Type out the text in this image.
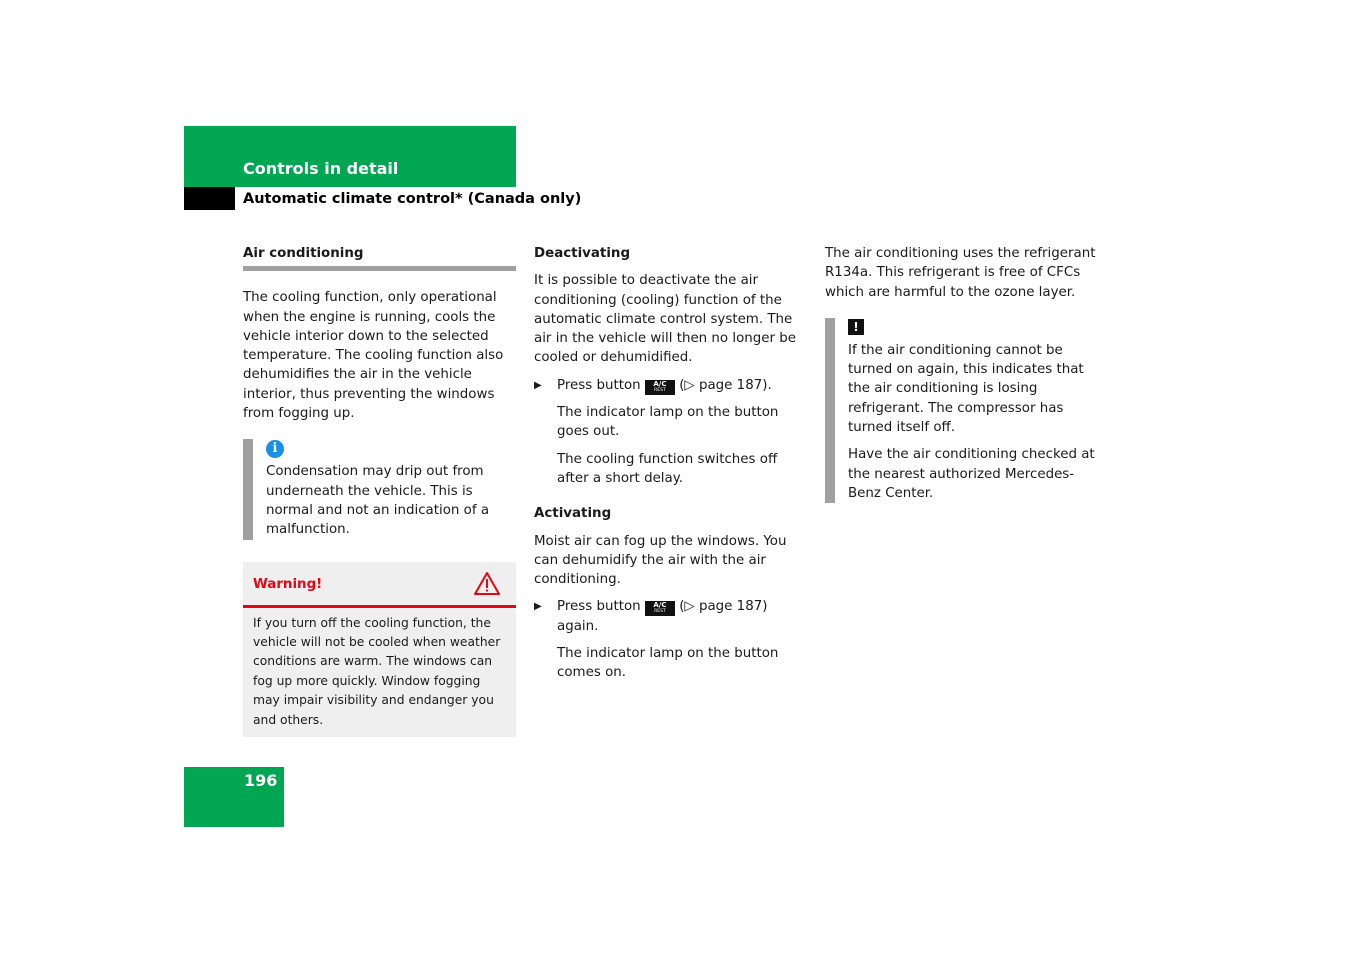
Controls in detail
Automatic climate control* (Canada only)
Air conditioning

The cooling function, only operational when the engine is running, cools the vehicle interior down to the selected temperature. The cooling function also dehumidifies the air in the vehicle interior, thus preventing the windows from fogging up.

i

Condensation may drip out from underneath the vehicle. This is normal and not an indication of a malfunction.

Warning!

If you turn off the cooling function, the vehicle will not be cooled when weather conditions are warm. The windows can fog up more quickly. Window fogging may impair visibility and endanger you and others.

Deactivating

It is possible to deactivate the air conditioning (cooling) function of the automatic climate control system. The air in the vehicle will then no longer be cooled or dehumidified.

▶ Press button	A/C
REST	(▷ page 187).

The indicator lamp on the button goes out.

The cooling function switches off after a short delay.

Activating

Moist air can fog up the windows. You can dehumidify the air with the air conditioning.

▶ Press button	A/C
REST	(▷ page 187) again.

The indicator lamp on the button comes on.

The air conditioning uses the refrigerant R134a. This refrigerant is free of CFCs which are harmful to the ozone layer.

!

If the air conditioning cannot be turned on again, this indicates that the air conditioning is losing refrigerant. The compressor has turned itself off.

Have the air conditioning checked at the nearest authorized Mercedes-Benz Center.

196
